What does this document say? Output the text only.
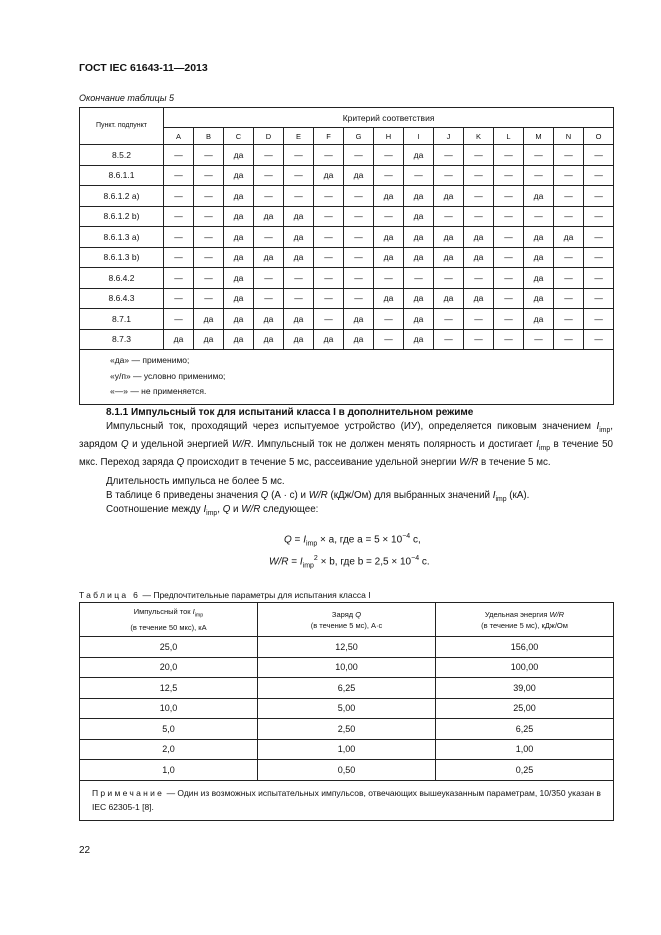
ГОСТ IEC 61643-11—2013
Окончание таблицы 5
Пункт. подпункт	Критерий соответствия														
	A	B	C	D	E	F	G	H	I	J	K	L	M	N	O
8.5.2	—	—	да	—	—	—	—	—	да	—	—	—	—	—	—
8.6.1.1	—	—	да	—	—	да	да	—	—	—	—	—	—	—	—
8.6.1.2 a)	—	—	да	—	—	—	—	да	да	да	—	—	да	—	—
8.6.1.2 b)	—	—	да	да	да	—	—	—	да	—	—	—	—	—	—
8.6.1.3 a)	—	—	да	—	да	—	—	да	да	да	да	—	да	да	—
8.6.1.3 b)	—	—	да	да	да	—	—	да	да	да	да	—	да	—	—
8.6.4.2	—	—	да	—	—	—	—	—	—	—	—	—	да	—	—
8.6.4.3	—	—	да	—	—	—	—	да	да	да	да	—	да	—	—
8.7.1	—	да	да	да	да	—	да	—	да	—	—	—	да	—	—
8.7.3	да	да	да	да	да	да	да	—	да	—	—	—	—	—	—

«да» — применимо;
«у/п» — условно применимо;
«—» — не применяется.															
8.1.1 Импульсный ток для испытаний класса I в дополнительном режиме
Импульсный ток, проходящий через испытуемое устройство (ИУ), определяется пиковым значением $I_{imp}$, зарядом Q и удельной энергией W/R. Импульсный ток не должен менять полярность и достигает $I_{imp}$ в течение 50 мкс. Переход заряда Q происходит в течение 5 мс, рассеивание удельной энергии W/R в течение 5 мс.
Длительность импульса не более 5 мс.
В таблице 6 приведены значения Q (А · с) и W/R (кДж/Ом) для выбранных значений $I_{imp}$ (кА).
Соотношение между $I_{imp}$, Q и W/R следующее:
$Q = I_{imp} \times a$, где $a = 5 \times 10^{-4}$ с,
$W/R = I_{imp}^2 \times b$, где $b = 2,5 \times 10^{-4}$ с.
Таблица 6 — Предпочтительные параметры для испытания класса I
Импульсный ток $I_{imp}$
(в течение 50 мкс), кА	Заряд Q
(в течение 5 мс), А·с	Удельная энергия W/R
(в течение 5 мс), кДж/Ом
25,0	12,50	156,00
20,0	10,00	100,00
12,5	6,25	39,00
10,0	5,00	25,00
5,0	2,50	6,25
2,0	1,00	1,00
1,0	0,50	0,25
Примечание — Один из возможных испытательных импульсов, отвечающих вышеуказанным параметрам, 10/350 указан в IEC 62305-1 [8].		
22
